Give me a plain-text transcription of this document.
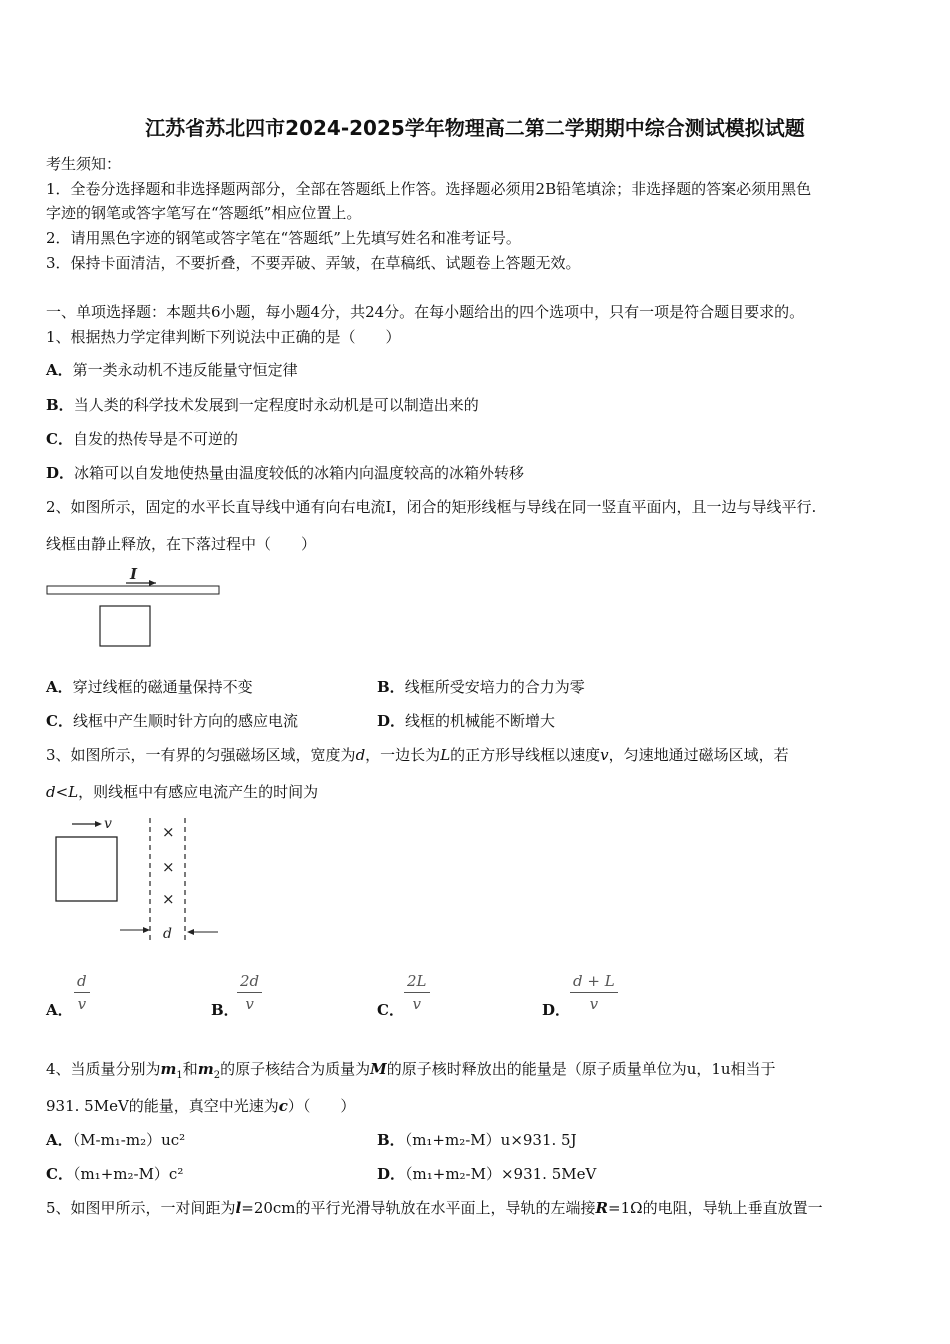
江苏省苏北四市2024-2025学年物理高二第二学期期中综合测试模拟试题
考生须知：
1．全卷分选择题和非选择题两部分，全部在答题纸上作答。选择题必须用2B铅笔填涂；非选择题的答案必须用黑色
字迹的钢笔或答字笔写在“答题纸”相应位置上。
2．请用黑色字迹的钢笔或答字笔在“答题纸”上先填写姓名和准考证号。
3．保持卡面清洁，不要折叠，不要弄破、弄皱，在草稿纸、试题卷上答题无效。
一、单项选择题：本题共6小题，每小题4分，共24分。在每小题给出的四个选项中，只有一项是符合题目要求的。
1、根据热力学定律判断下列说法中正确的是（　　）
A．第一类永动机不违反能量守恒定律
B．当人类的科学技术发展到一定程度时永动机是可以制造出来的
C．自发的热传导是不可逆的
D．冰箱可以自发地使热量由温度较低的冰箱内向温度较高的冰箱外转移
2、如图所示，固定的水平长直导线中通有向右电流I，闭合的矩形线框与导线在同一竖直平面内，且一边与导线平行.
线框由静止释放，在下落过程中（　　）
I
A．穿过线框的磁通量保持不变	B．线框所受安培力的合力为零
C．线框中产生顺时针方向的感应电流	D．线框的机械能不断增大
3、如图所示，一有界的匀强磁场区域，宽度为d，一边长为L的正方形导线框以速度v，匀速地通过磁场区域，若
d<L，则线框中有感应电流产生的时间为
v	×
×
×
d
A． $\frac{d}{v}$	B．
$\frac{2d}{v}$	C． $\frac{2L}{v}$	D． $\frac{d + L}{v}$
4、当质量分别为$m_1$和$m_2$的原子核结合为质量为M的原子核时释放出的能量是（原子质量单位为u，1u相当于
931. 5MeV的能量，真空中光速为c）（　　）
A．（M-m₁-m₂）uc²	B．（m₁+m₂-M）u×931. 5J
C．（m₁+m₂-M）c²	D．（m₁+m₂-M）×931. 5MeV
5、如图甲所示，一对间距为l=20cm的平行光滑导轨放在水平面上，导轨的左端接R=1Ω的电阻，导轨上垂直放置一
